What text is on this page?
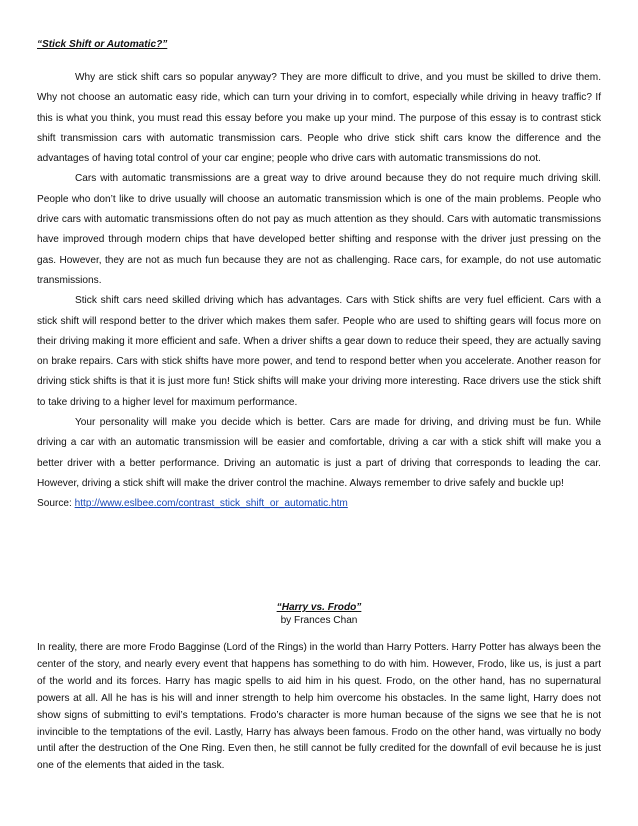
“Stick Shift or Automatic?”

Why are stick shift cars so popular anyway? They are more difficult to drive, and you must be skilled to drive them. Why not choose an automatic easy ride, which can turn your driving in to comfort, especially while driving in heavy traffic? If this is what you think, you must read this essay before you make up your mind. The purpose of this essay is to contrast stick shift transmission cars with automatic transmission cars. People who drive stick shift cars know the difference and the advantages of having total control of your car engine; people who drive cars with automatic transmissions do not.

Cars with automatic transmissions are a great way to drive around because they do not require much driving skill. People who don’t like to drive usually will choose an automatic transmission which is one of the main problems. People who drive cars with automatic transmissions often do not pay as much attention as they should. Cars with automatic transmissions have improved through modern chips that have developed better shifting and response with the driver just pressing on the gas. However, they are not as much fun because they are not as challenging. Race cars, for example, do not use automatic transmissions.

Stick shift cars need skilled driving which has advantages. Cars with Stick shifts are very fuel efficient. Cars with a stick shift will respond better to the driver which makes them safer. People who are used to shifting gears will focus more on their driving making it more efficient and safe. When a driver shifts a gear down to reduce their speed, they are actually saving on brake repairs. Cars with stick shifts have more power, and tend to respond better when you accelerate. Another reason for driving stick shifts is that it is just more fun! Stick shifts will make your driving more interesting. Race drivers use the stick shift to take driving to a higher level for maximum performance.

Your personality will make you decide which is better. Cars are made for driving, and driving must be fun. While driving a car with an automatic transmission will be easier and comfortable, driving a car with a stick shift will make you a better driver with a better performance. Driving an automatic is just a part of driving that corresponds to leading the car. However, driving a stick shift will make the driver control the machine. Always remember to drive safely and buckle up!

Source: http://www.eslbee.com/contrast_stick_shift_or_automatic.htm

“Harry vs. Frodo”

by Frances Chan

In reality, there are more Frodo Bagginse (Lord of the Rings) in the world than Harry Potters. Harry Potter has always been the center of the story, and nearly every event that happens has something to do with him. However, Frodo, like us, is just a part of the world and its forces. Harry has magic spells to aid him in his quest. Frodo, on the other hand, has no supernatural powers at all. All he has is his will and inner strength to help him overcome his obstacles. In the same light, Harry does not show signs of submitting to evil’s temptations. Frodo’s character is more human because of the signs we see that he is not invincible to the temptations of the evil. Lastly, Harry has always been famous. Frodo on the other hand, was virtually no body until after the destruction of the One Ring. Even then, he still cannot be fully credited for the downfall of evil because he is just one of the elements that aided in the task.
